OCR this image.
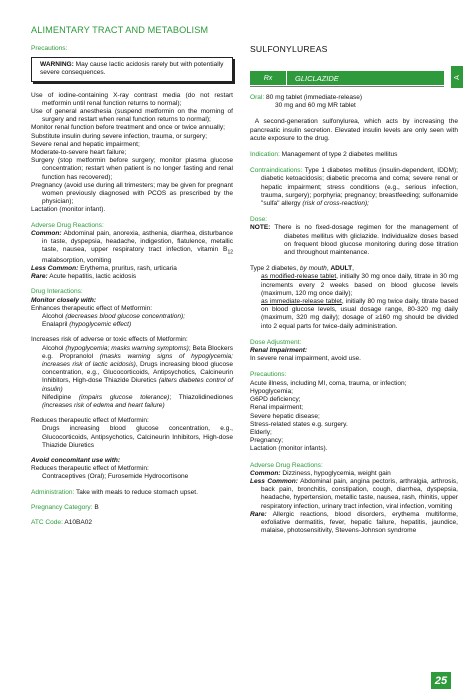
ALIMENTARY TRACT AND METABOLISM

Precautions:

WARNING: May cause lactic acidosis rarely but with potentially severe consequences.

Use of iodine-containing X-ray contrast media (do not restart metformin until renal function returns to normal);

Use of general anesthesia (suspend metformin on the morning of surgery and restart when renal function returns to normal);

Monitor renal function before treatment and once or twice annually;

Substitute insulin during severe infection, trauma, or surgery;

Severe renal and hepatic impairment;

Moderate-to-severe heart failure;

Surgery (stop metformin before surgery; monitor plasma glucose concentration; restart when patient is no longer fasting and renal function has recovered);

Pregnancy (avoid use during all trimesters; may be given for pregnant women previously diagnosed with PCOS as prescribed by the physician);

Lactation (monitor infant).

Adverse Drug Reactions:

Common: Abdominal pain, anorexia, asthenia, diarrhea, disturbance in taste, dyspepsia, headache, indigestion, flatulence, metallic taste, nausea, upper respiratory tract infection, vitamin $B_{12}$ malabsorption, vomiting

Less Common: Erythema, pruritus, rash, urticaria

Rare: Acute hepatitis, lactic acidosis

Drug Interactions:

Monitor closely with:

Enhances therapeutic effect of Metformin:

Alcohol (decreases blood glucose concentration);

Enalapril (hypoglycemic effect)

Increases risk of adverse or toxic effects of Metformin:

Alcohol (hypoglycemia; masks warning symptoms); Beta Blockers e.g. Propranolol (masks warning signs of hypoglycemia; increases risk of lactic acidosis), Drugs increasing blood glucose concentration, e.g., Glucocorticoids, Antipsychotics, Calcineurin Inhibitors, High-dose Thiazide Diuretics (alters diabetes control of insulin)

Nifedipine (impairs glucose tolerance); Thiazolidinediones (increases risk of edema and heart failure)

Reduces therapeutic effect of Metformin:

Drugs increasing blood glucose concentration, e.g., Glucocorticoids, Antipsychotics, Calcineurin Inhibitors, High-dose Thiazide Diuretics

Avoid concomitant use with:

Reduces therapeutic effect of Metformin:

Contraceptives (Oral); Furosemide Hydrocortisone

Administration: Take with meals to reduce stomach upset.

Pregnancy Category: B

ATC Code: A10BA02

SULFONYLUREAS
Rx	GLICLAZIDE	A

Oral: 80 mg tablet (immediate-release)

30 mg and 60 mg MR tablet

A second-generation sulfonylurea, which acts by increasing the pancreatic insulin secretion. Elevated insulin levels are only seen with acute exposure to the drug.

Indication: Management of type 2 diabetes mellitus

Contraindications: Type 1 diabetes mellitus (insulin-dependent, IDDM); diabetic ketoacidosis; diabetic precoma and coma; severe renal or hepatic impairment; stress conditions (e.g., serious infection, trauma, surgery); porphyria; pregnancy; breastfeeding; sulfonamide "sulfa" allergy (risk of cross-reaction);

Dose:

NOTE: There is no fixed-dosage regimen for the management of diabetes mellitus with gliclazide. Individualize doses based on frequent blood glucose monitoring during dose titration and throughout maintenance.

Type 2 diabetes, by mouth, ADULT,

as modified-release tablet, initially 30 mg once daily, titrate in 30 mg increments every 2 weeks based on blood glucose levels (maximum, 120 mg once daily);

as immediate-release tablet, initially 80 mg twice daily, titrate based on blood glucose levels, usual dosage range, 80-320 mg daily (maximum, 320 mg daily); dosage of ≥160 mg should be divided into 2 equal parts for twice-daily administration.

Dose Adjustment:

Renal Impairment:

In severe renal impairment, avoid use.

Precautions:

Acute illness, including MI, coma, trauma, or infection;

Hypoglycemia;

G6PD deficiency;

Renal impairment;

Severe hepatic disease;

Stress-related states e.g. surgery.

Elderly;

Pregnancy;

Lactation (monitor infants).

Adverse Drug Reactions:

Common: Dizziness, hypoglycemia, weight gain

Less Common: Abdominal pain, angina pectoris, arthralgia, arthrosis, back pain, bronchitis, constipation, cough, diarrhea, dyspepsia, headache, hypertension, metallic taste, nausea, rash, rhinitis, upper respiratory infection, urinary tract infection, viral infection, vomiting

Rare: Allergic reactions, blood disorders, erythema multiforme, exfoliative dermatitis, fever, hepatic failure, hepatitis, jaundice, malaise, photosensitivity, Stevens-Johnson syndrome

25
